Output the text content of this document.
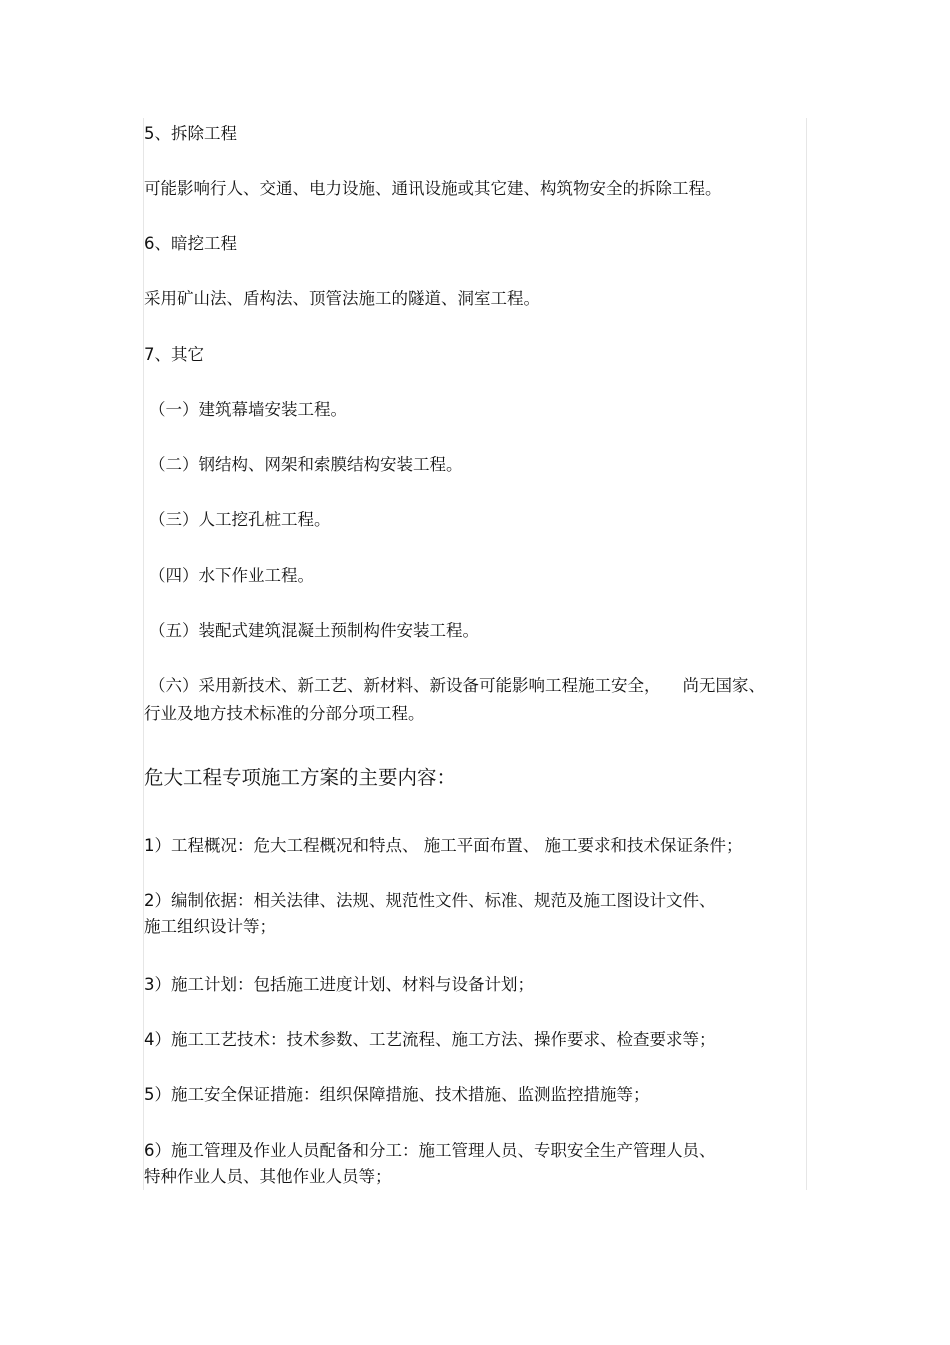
5、拆除工程
可能影响行人、交通、电力设施、通讯设施或其它建、构筑物安全的拆除工程。
6、暗挖工程
采用矿山法、盾构法、顶管法施工的隧道、洞室工程。
7、其它
（一）建筑幕墙安装工程。
（二）钢结构、网架和索膜结构安装工程。
（三）人工挖孔桩工程。
（四）水下作业工程。
（五）装配式建筑混凝土预制构件安装工程。
（六）采用新技术、新工艺、新材料、新设备可能影响工程施工安全， 尚无国家、
行业及地方技术标准的分部分项工程。
危大工程专项施工方案的主要内容：
1）工程概况：危大工程概况和特点、 施工平面布置、 施工要求和技术保证条件；
2）编制依据：相关法律、法规、规范性文件、标准、规范及施工图设计文件、
施工组织设计等；
3）施工计划：包括施工进度计划、材料与设备计划；
4）施工工艺技术：技术参数、工艺流程、施工方法、操作要求、检查要求等；
5）施工安全保证措施：组织保障措施、技术措施、监测监控措施等；
6）施工管理及作业人员配备和分工：施工管理人员、专职安全生产管理人员、
特种作业人员、其他作业人员等；
